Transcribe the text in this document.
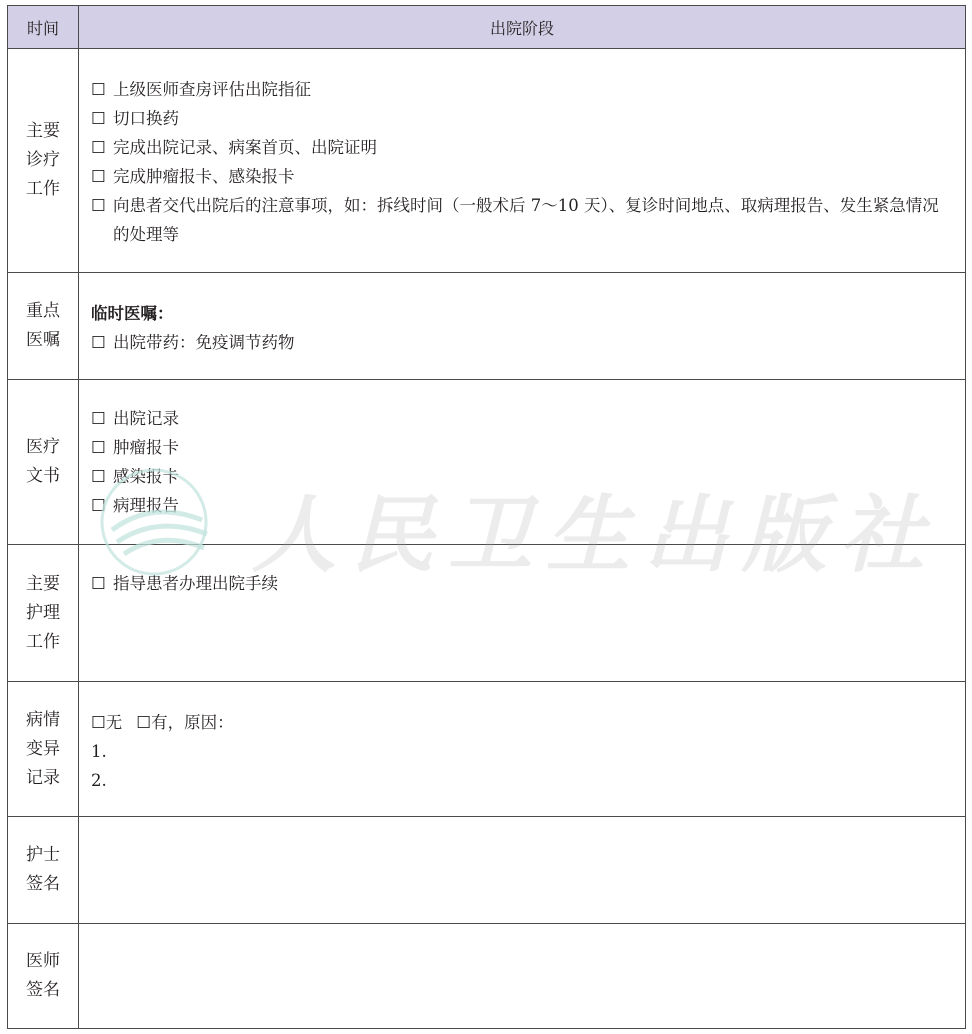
时间	出院阶段
主要诊疗工作
☐ 上级医师查房评估出院指征
☐ 切口换药
☐ 完成出院记录、病案首页、出院证明
☐ 完成肿瘤报卡、感染报卡
☐ 向患者交代出院后的注意事项，如：拆线时间（一般术后 7～10 天）、复诊时间地点、取病理报告、发生紧急情况的处理等
重点医嘱
临时医嘱：
☐ 出院带药：免疫调节药物
医疗文书
☐ 出院记录
☐ 肿瘤报卡
☐ 感染报卡
☐ 病理报告
主要护理工作
☐ 指导患者办理出院手续
病情变异记录
☐无 ☐有，原因：
1.
2.
护士签名
医师签名
人民卫生出版社
